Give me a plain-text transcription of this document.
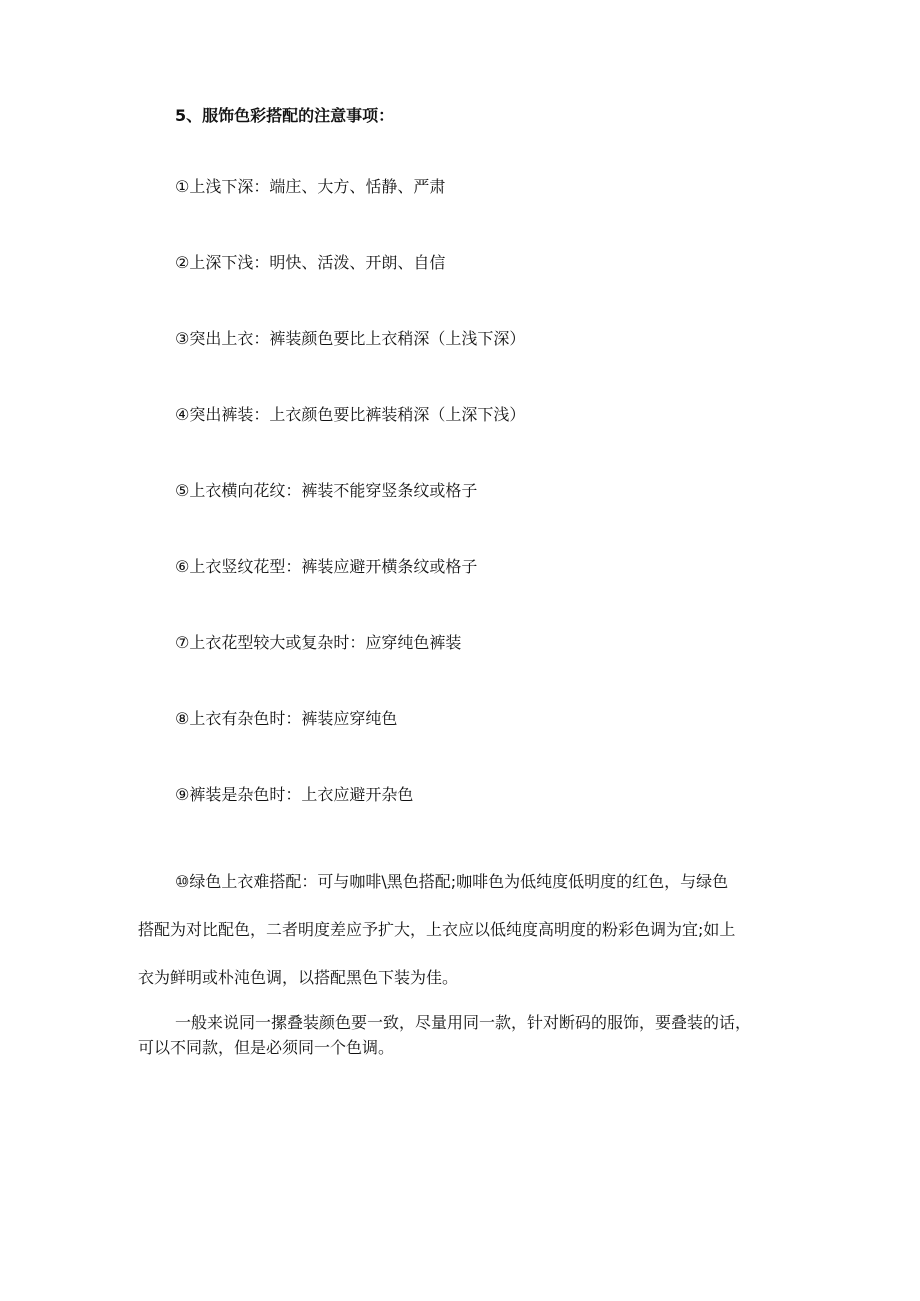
5、服饰色彩搭配的注意事项：
①上浅下深：端庄、大方、恬静、严肃
②上深下浅：明快、活泼、开朗、自信
③突出上衣：裤装颜色要比上衣稍深（上浅下深）
④突出裤装：上衣颜色要比裤装稍深（上深下浅）
⑤上衣横向花纹：裤装不能穿竖条纹或格子
⑥上衣竖纹花型：裤装应避开横条纹或格子
⑦上衣花型较大或复杂时：应穿纯色裤装
⑧上衣有杂色时：裤装应穿纯色
⑨裤装是杂色时：上衣应避开杂色
⑩绿色上衣难搭配：可与咖啡\黑色搭配;咖啡色为低纯度低明度的红色，与绿色
搭配为对比配色，二者明度差应予扩大，上衣应以低纯度高明度的粉彩色调为宜;如上
衣为鲜明或朴沌色调，以搭配黑色下装为佳。
一般来说同一摞叠装颜色要一致，尽量用同一款，针对断码的服饰，要叠装的话，
可以不同款，但是必须同一个色调。
